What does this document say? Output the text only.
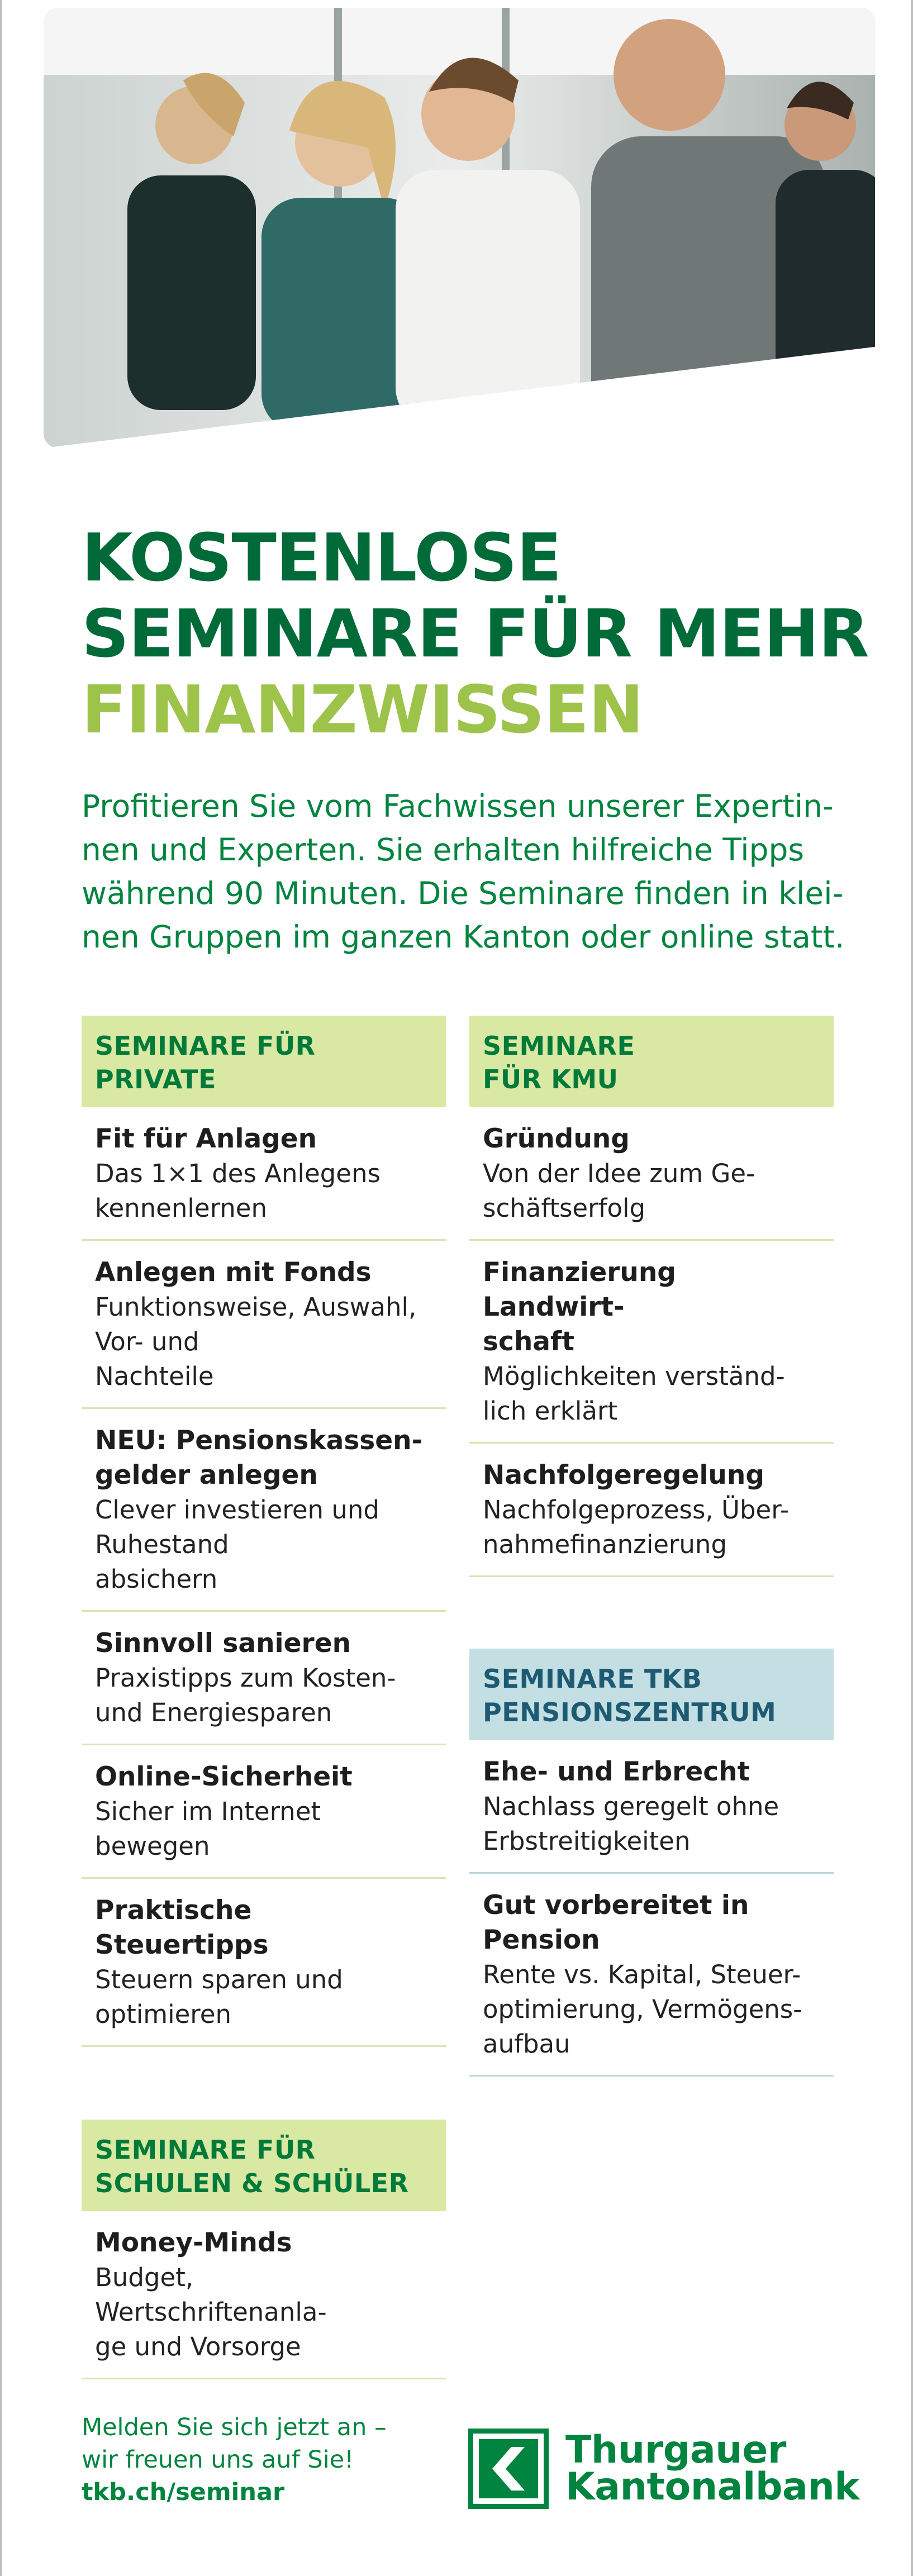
KOSTENLOSE
SEMINARE FÜR MEHR
FINANZWISSEN
Profitieren Sie vom Fachwissen unserer Expertin-
nen und Experten. Sie erhalten hilfreiche Tipps
während 90 Minuten. Die Seminare finden in klei-
nen Gruppen im ganzen Kanton oder online statt.
SEMINARE FÜR
PRIVATE
Fit für Anlagen
Das 1×1 des Anlegens
kennenlernen
Anlegen mit Fonds
Funktionsweise, Auswahl,
Vor- und
Nachteile
NEU: Pensionskassen-
gelder anlegen
Clever investieren und
Ruhestand
absichern
Sinnvoll sanieren
Praxistipps zum Kosten-
und Energiesparen
Online-Sicherheit
Sicher im Internet bewegen
Praktische Steuertipps
Steuern sparen und
optimieren
SEMINARE FÜR
SCHULEN & SCHÜLER
Money-Minds
Budget, Wertschriftenanla-
ge und Vorsorge
SEMINARE
FÜR KMU
Gründung
Von der Idee zum Ge-
schäftserfolg
Finanzierung Landwirt-
schaft
Möglichkeiten verständ-
lich erklärt
Nachfolgeregelung
Nachfolgeprozess, Über-
nahmefinanzierung
SEMINARE TKB
PENSIONSZENTRUM
Ehe- und Erbrecht
Nachlass geregelt ohne
Erbstreitigkeiten
Gut vorbereitet in
Pension
Rente vs. Kapital, Steuer-
optimierung, Vermögens-
aufbau
Melden Sie sich jetzt an –
wir freuen uns auf Sie!
tkb.ch/seminar
Thurgauer
Kantonalbank
